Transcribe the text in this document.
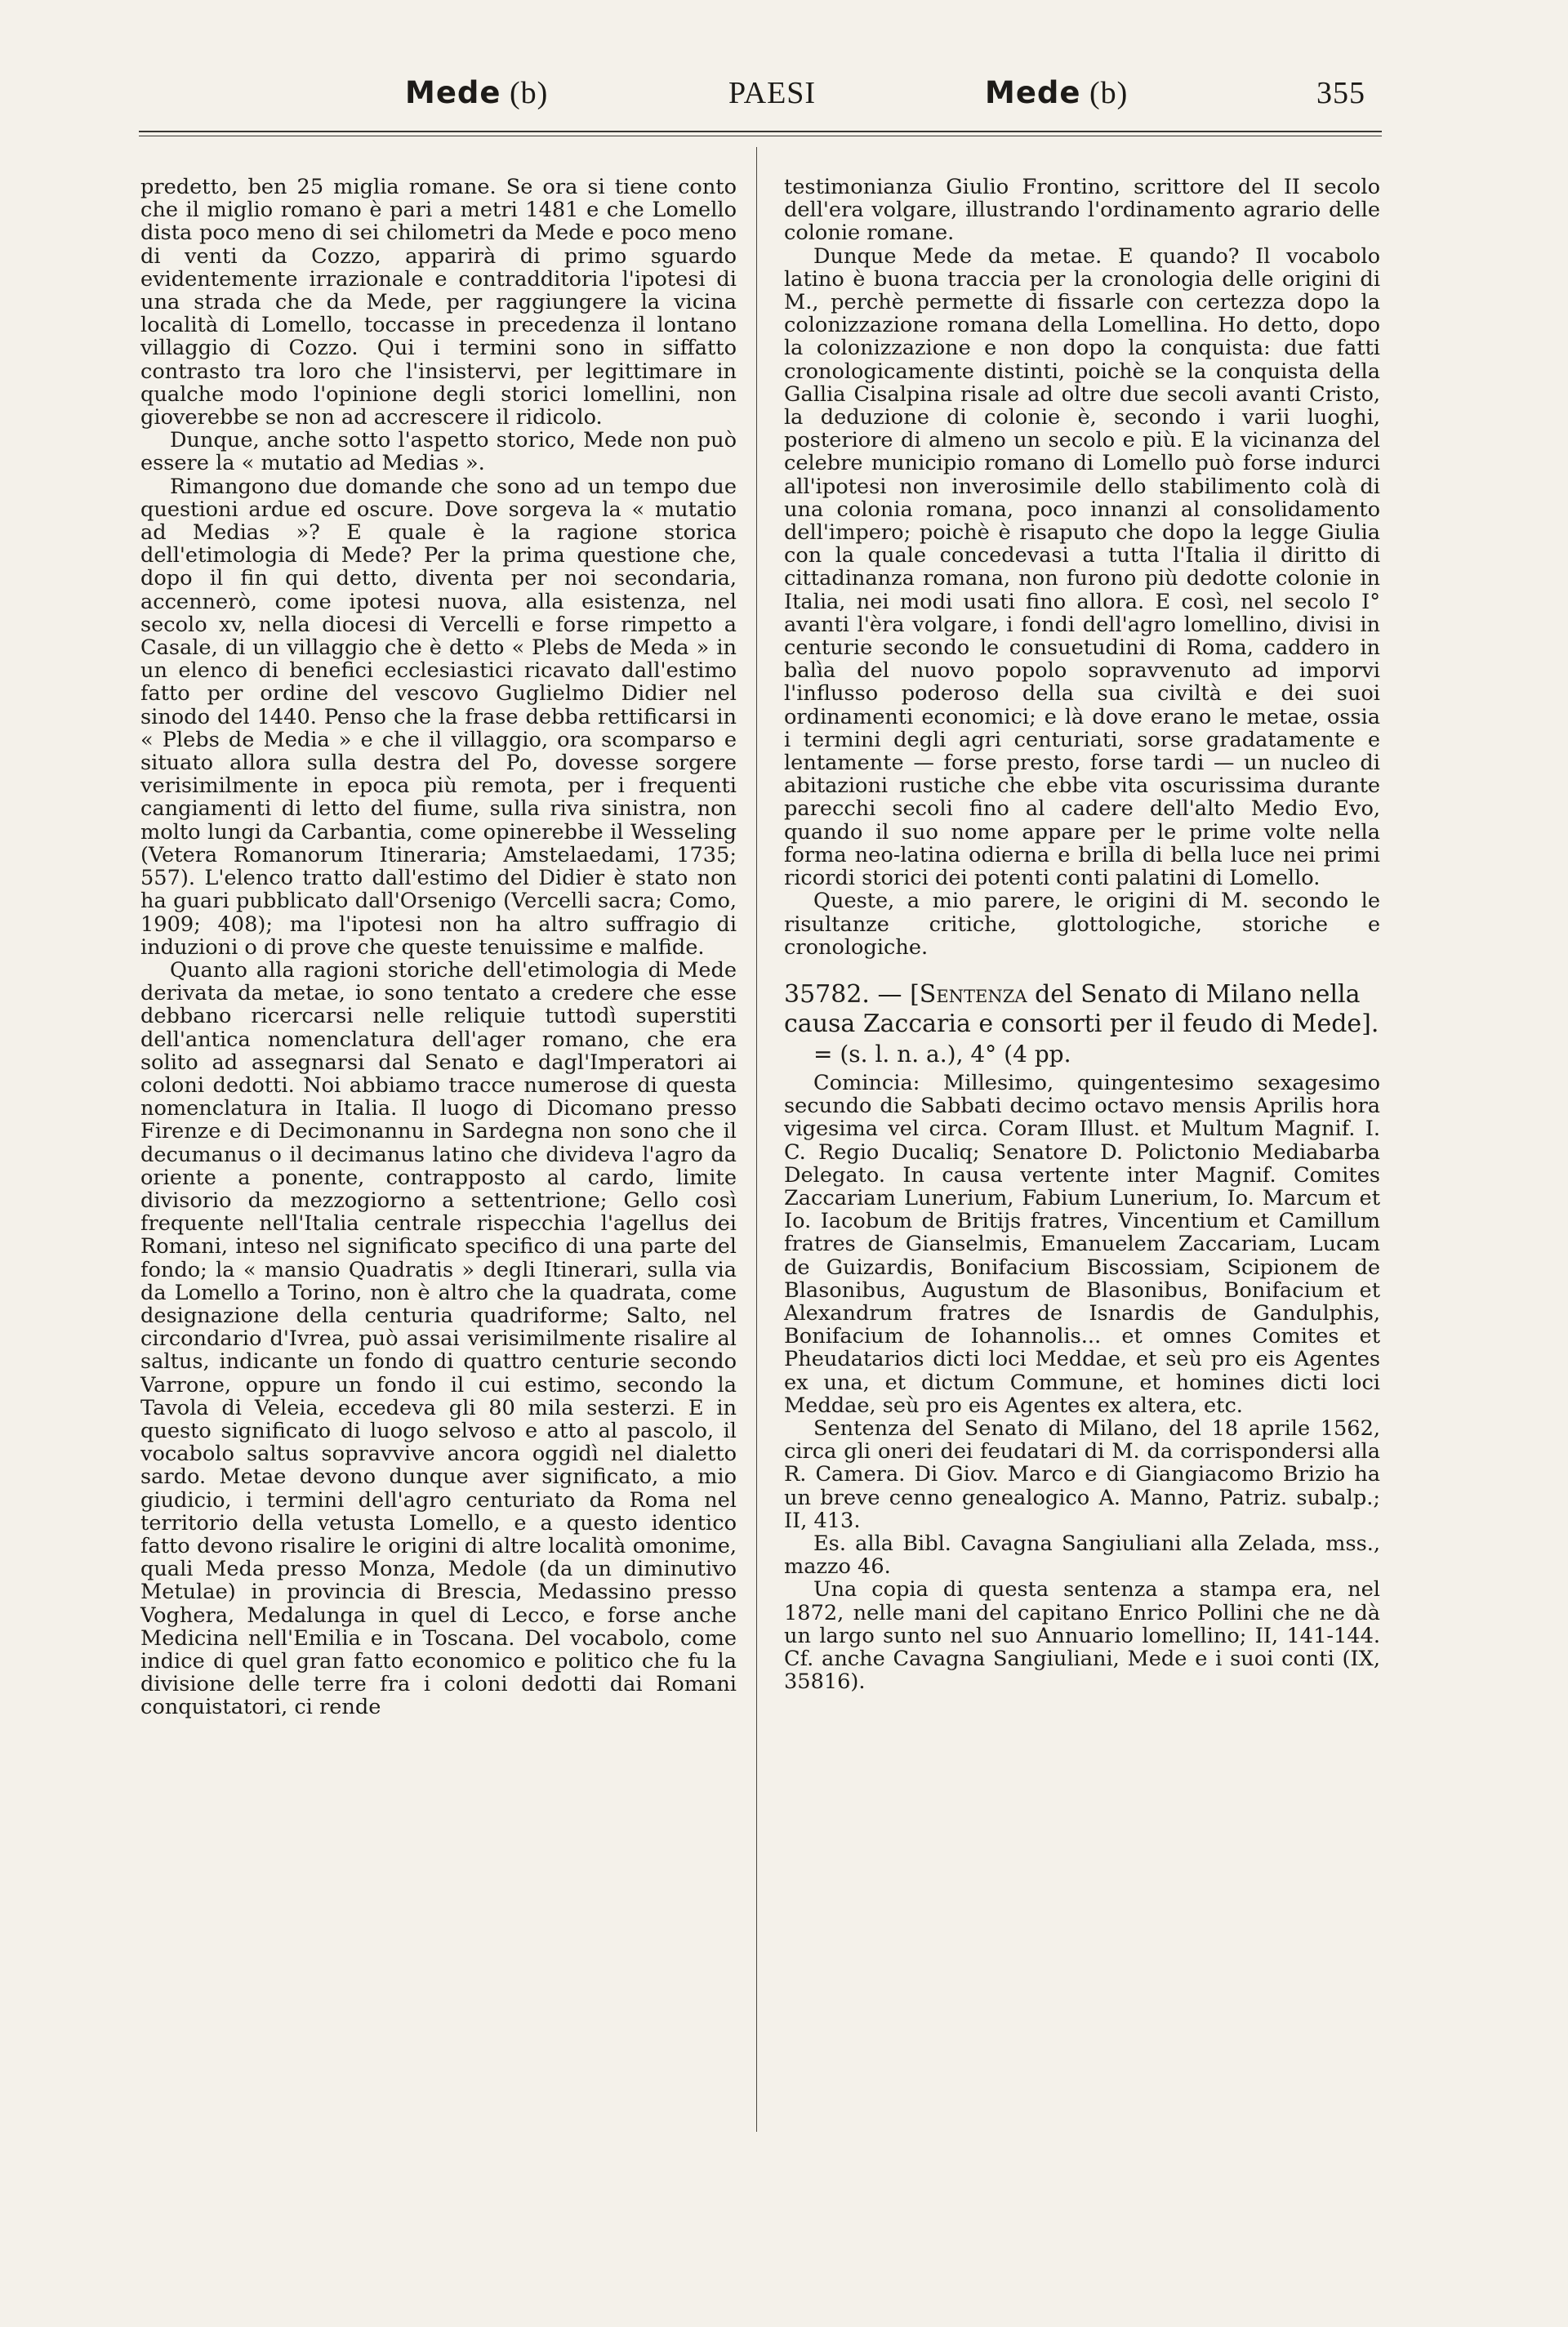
Mede (b)	PAESI	Mede (b)	355

predetto, ben 25 miglia romane. Se ora si tiene conto che il miglio romano è pari a metri 1481 e che Lomello dista poco meno di sei chilometri da Mede e poco meno di venti da Cozzo, apparirà di primo sguardo evidentemente irrazionale e contradditoria l'ipotesi di una strada che da Mede, per raggiungere la vicina località di Lomello, toccasse in precedenza il lontano villaggio di Cozzo. Qui i termini sono in siffatto contrasto tra loro che l'insistervi, per legittimare in qualche modo l'opinione degli storici lomellini, non gioverebbe se non ad accrescere il ridicolo.

Dunque, anche sotto l'aspetto storico, Mede non può essere la « mutatio ad Medias ».

Rimangono due domande che sono ad un tempo due questioni ardue ed oscure. Dove sorgeva la « mutatio ad Medias »? E quale è la ragione storica dell'etimologia di Mede? Per la prima questione che, dopo il fin qui detto, diventa per noi secondaria, accennerò, come ipotesi nuova, alla esistenza, nel secolo xv, nella diocesi di Vercelli e forse rimpetto a Casale, di un villaggio che è detto « Plebs de Meda » in un elenco di benefici ecclesiastici ricavato dall'estimo fatto per ordine del vescovo Guglielmo Didier nel sinodo del 1440. Penso che la frase debba rettificarsi in « Plebs de Media » e che il villaggio, ora scomparso e situato allora sulla destra del Po, dovesse sorgere verisimilmente in epoca più remota, per i frequenti cangiamenti di letto del fiume, sulla riva sinistra, non molto lungi da Carbantia, come opinerebbe il Wesseling (Vetera Romanorum Itineraria; Amstelaedami, 1735; 557). L'elenco tratto dall'estimo del Didier è stato non ha guari pubblicato dall'Orsenigo (Vercelli sacra; Como, 1909; 408); ma l'ipotesi non ha altro suffragio di induzioni o di prove che queste tenuissime e malfide.

Quanto alla ragioni storiche dell'etimologia di Mede derivata da metae, io sono tentato a credere che esse debbano ricercarsi nelle reliquie tuttodì superstiti dell'antica nomenclatura dell'ager romano, che era solito ad assegnarsi dal Senato e dagl'Imperatori ai coloni dedotti. Noi abbiamo tracce numerose di questa nomenclatura in Italia. Il luogo di Dicomano presso Firenze e di Decimonannu in Sardegna non sono che il decumanus o il decimanus latino che divideva l'agro da oriente a ponente, contrapposto al cardo, limite divisorio da mezzogiorno a settentrione; Gello così frequente nell'Italia centrale rispecchia l'agellus dei Romani, inteso nel significato specifico di una parte del fondo; la « mansio Quadratis » degli Itinerari, sulla via da Lomello a Torino, non è altro che la quadrata, come designazione della centuria quadriforme; Salto, nel circondario d'Ivrea, può assai verisimilmente risalire al saltus, indicante un fondo di quattro centurie secondo Varrone, oppure un fondo il cui estimo, secondo la Tavola di Veleia, eccedeva gli 80 mila sesterzi. E in questo significato di luogo selvoso e atto al pascolo, il vocabolo saltus sopravvive ancora oggidì nel dialetto sardo. Metae devono dunque aver significato, a mio giudicio, i termini dell'agro centuriato da Roma nel territorio della vetusta Lomello, e a questo identico fatto devono risalire le origini di altre località omonime, quali Meda presso Monza, Medole (da un diminutivo Metulae) in provincia di Brescia, Medassino presso Voghera, Medalunga in quel di Lecco, e forse anche Medicina nell'Emilia e in Toscana. Del vocabolo, come indice di quel gran fatto economico e politico che fu la divisione delle terre fra i coloni dedotti dai Romani conquistatori, ci rende

testimonianza Giulio Frontino, scrittore del II secolo dell'era volgare, illustrando l'ordinamento agrario delle colonie romane.

Dunque Mede da metae. E quando? Il vocabolo latino è buona traccia per la cronologia delle origini di M., perchè permette di fissarle con certezza dopo la colonizzazione romana della Lomellina. Ho detto, dopo la colonizzazione e non dopo la conquista: due fatti cronologicamente distinti, poichè se la conquista della Gallia Cisalpina risale ad oltre due secoli avanti Cristo, la deduzione di colonie è, secondo i varii luoghi, posteriore di almeno un secolo e più. E la vicinanza del celebre municipio romano di Lomello può forse indurci all'ipotesi non inverosimile dello stabilimento colà di una colonia romana, poco innanzi al consolidamento dell'impero; poichè è risaputo che dopo la legge Giulia con la quale concedevasi a tutta l'Italia il diritto di cittadinanza romana, non furono più dedotte colonie in Italia, nei modi usati fino allora. E così, nel secolo I° avanti l'èra volgare, i fondi dell'agro lomellino, divisi in centurie secondo le consuetudini di Roma, caddero in balìa del nuovo popolo sopravvenuto ad imporvi l'influsso poderoso della sua civiltà e dei suoi ordinamenti economici; e là dove erano le metae, ossia i termini degli agri centuriati, sorse gradatamente e lentamente — forse presto, forse tardi — un nucleo di abitazioni rustiche che ebbe vita oscurissima durante parecchi secoli fino al cadere dell'alto Medio Evo, quando il suo nome appare per le prime volte nella forma neo-latina odierna e brilla di bella luce nei primi ricordi storici dei potenti conti palatini di Lomello.

Queste, a mio parere, le origini di M. secondo le risultanze critiche, glottologiche, storiche e cronologiche.

35782. — [Sentenza del Senato di Milano nella causa Zaccaria e consorti per il feudo di Mede].
= (s. l. n. a.), 4° (4 pp.

Comincia: Millesimo, quingentesimo sexagesimo secundo die Sabbati decimo octavo mensis Aprilis hora vigesima vel circa. Coram Illust. et Multum Magnif. I. C. Regio Ducaliq; Senatore D. Polictonio Mediabarba Delegato. In causa vertente inter Magnif. Comites Zaccariam Lunerium, Fabium Lunerium, Io. Marcum et Io. Iacobum de Britijs fratres, Vincentium et Camillum fratres de Gianselmis, Emanuelem Zaccariam, Lucam de Guizardis, Bonifacium Biscossiam, Scipionem de Blasonibus, Augustum de Blasonibus, Bonifacium et Alexandrum fratres de Isnardis de Gandulphis, Bonifacium de Iohannolis... et omnes Comites et Pheudatarios dicti loci Meddae, et seù pro eis Agentes ex una, et dictum Commune, et homines dicti loci Meddae, seù pro eis Agentes ex altera, etc.

Sentenza del Senato di Milano, del 18 aprile 1562, circa gli oneri dei feudatari di M. da corrispondersi alla R. Camera. Di Giov. Marco e di Giangiacomo Brizio ha un breve cenno genealogico A. Manno, Patriz. subalp.; II, 413.

Es. alla Bibl. Cavagna Sangiuliani alla Zelada, mss., mazzo 46.

Una copia di questa sentenza a stampa era, nel 1872, nelle mani del capitano Enrico Pollini che ne dà un largo sunto nel suo Annuario lomellino; II, 141-144. Cf. anche Cavagna Sangiuliani, Mede e i suoi conti (IX, 35816).
